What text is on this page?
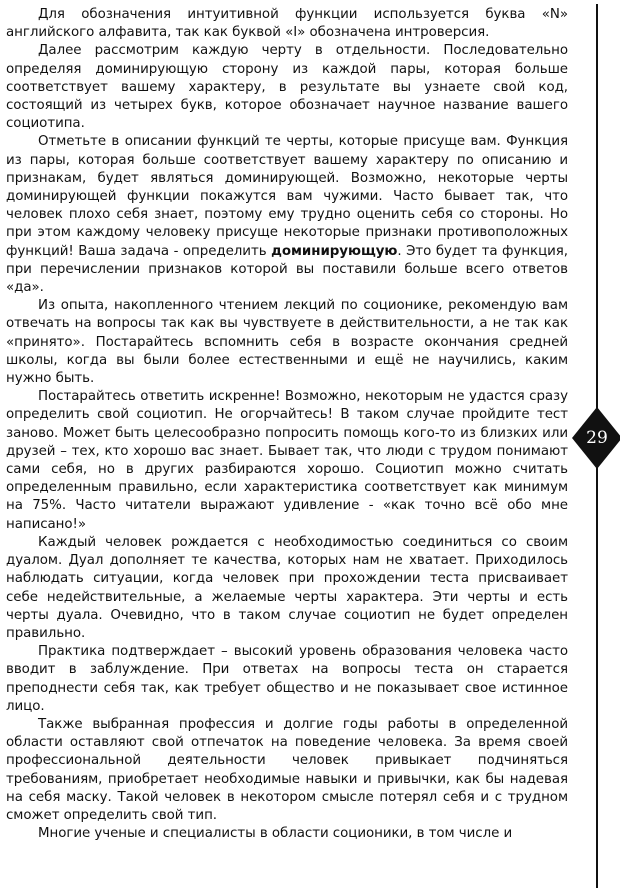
Для обозначения интуитивной функции используется буква «N» английского алфавита, так как буквой «I» обозначена интроверсия.

Далее рассмотрим каждую черту в отдельности. Последовательно определяя доминирующую сторону из каждой пары, которая больше соответствует вашему характеру, в результате вы узнаете свой код, состоящий из четырех букв, которое обозначает научное название вашего социотипа.

Отметьте в описании функций те черты, которые присуще вам. Функция из пары, которая больше соответствует вашему характеру по описанию и признакам, будет являться доминирующей. Возможно, некоторые черты доминирующей функции покажутся вам чужими. Часто бывает так, что человек плохо себя знает, поэтому ему трудно оценить себя со стороны. Но при этом каждому человеку присуще некоторые признаки противоположных функций! Ваша задача - определить доминирующую. Это будет та функция, при перечислении признаков которой вы поставили больше всего ответов «да».

Из опыта, накопленного чтением лекций по соционике, рекомендую вам отвечать на вопросы так как вы чувствуете в действительности, а не так как «принято». Постарайтесь вспомнить себя в возрасте окончания средней школы, когда вы были более естественными и ещё не научились, каким нужно быть.

Постарайтесь ответить искренне! Возможно, некоторым не удастся сразу определить свой социотип. Не огорчайтесь! В таком случае пройдите тест заново. Может быть целесообразно попросить помощь кого-то из близких или друзей – тех, кто хорошо вас знает. Бывает так, что люди с трудом понимают сами себя, но в других разбираются хорошо. Социотип можно считать определенным правильно, если характеристика соответствует как минимум на 75%. Часто читатели выражают удивление - «как точно всё обо мне написано!»

Каждый человек рождается с необходимостью соединиться со своим дуалом. Дуал дополняет те качества, которых нам не хватает. Приходилось наблюдать ситуации, когда человек при прохождении теста присваивает себе недействительные, а желаемые черты характера. Эти черты и есть черты дуала. Очевидно, что в таком случае социотип не будет определен правильно.

Практика подтверждает – высокий уровень образования человека часто вводит в заблуждение. При ответах на вопросы теста он старается преподнести себя так, как требует общество и не показывает свое истинное лицо.

Также выбранная профессия и долгие годы работы в определенной области оставляют свой отпечаток на поведение человека. За время своей профессиональной деятельности человек привыкает подчиняться требованиям, приобретает необходимые навыки и привычки, как бы надевая на себя маску. Такой человек в некотором смысле потерял себя и с трудном сможет определить свой тип.

Многие ученые и специалисты в области соционики, в том числе и

29
